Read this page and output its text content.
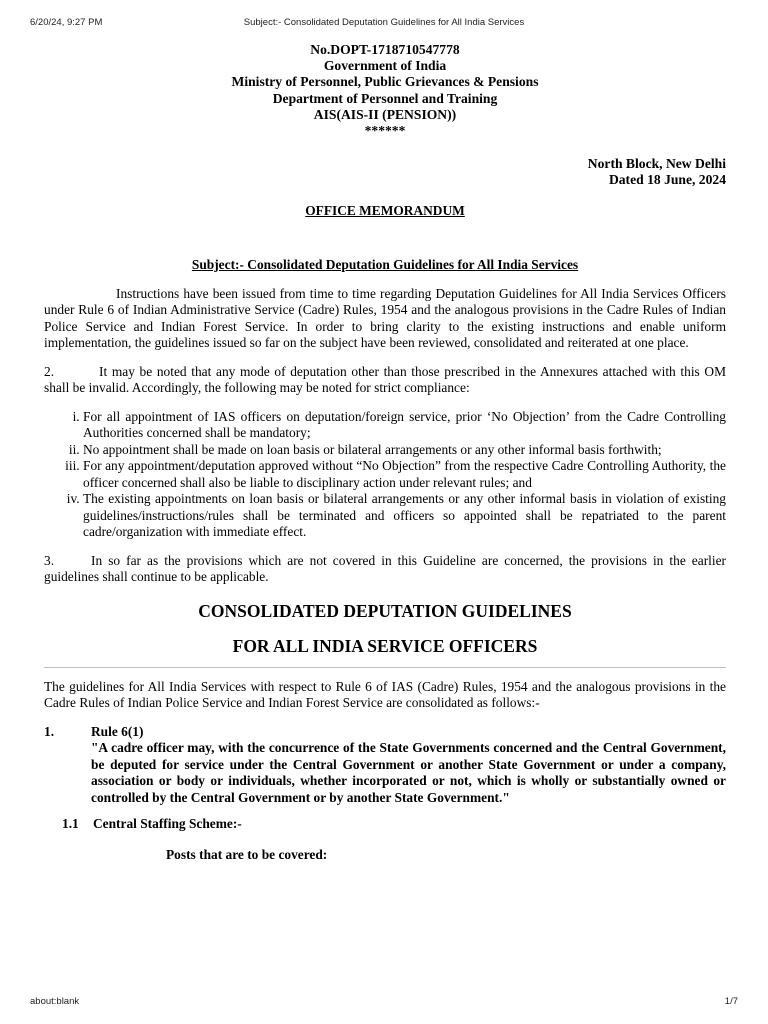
6/20/24, 9:27 PM	Subject:- Consolidated Deputation Guidelines for All India Services
No.DOPT-1718710547778
Government of India
Ministry of Personnel, Public Grievances & Pensions
Department of Personnel and Training
AIS(AIS-II (PENSION))
******
North Block, New Delhi
Dated 18 June, 2024
OFFICE MEMORANDUM
Subject:- Consolidated Deputation Guidelines for All India Services
Instructions have been issued from time to time regarding Deputation Guidelines for All India Services Officers under Rule 6 of Indian Administrative Service (Cadre) Rules, 1954 and the analogous provisions in the Cadre Rules of Indian Police Service and Indian Forest Service. In order to bring clarity to the existing instructions and enable uniform implementation, the guidelines issued so far on the subject have been reviewed, consolidated and reiterated at one place.
2.	It may be noted that any mode of deputation other than those prescribed in the Annexures attached with this OM shall be invalid. Accordingly, the following may be noted for strict compliance:
i. For all appointment of IAS officers on deputation/foreign service, prior ‘No Objection’ from the Cadre Controlling Authorities concerned shall be mandatory;
ii. No appointment shall be made on loan basis or bilateral arrangements or any other informal basis forthwith;
iii. For any appointment/deputation approved without “No Objection” from the respective Cadre Controlling Authority, the officer concerned shall also be liable to disciplinary action under relevant rules; and
iv. The existing appointments on loan basis or bilateral arrangements or any other informal basis in violation of existing guidelines/instructions/rules shall be terminated and officers so appointed shall be repatriated to the parent cadre/organization with immediate effect.
3.	In so far as the provisions which are not covered in this Guideline are concerned, the provisions in the earlier guidelines shall continue to be applicable.
CONSOLIDATED DEPUTATION GUIDELINES
FOR ALL INDIA SERVICE OFFICERS
The guidelines for All India Services with respect to Rule 6 of IAS (Cadre) Rules, 1954 and the analogous provisions in the Cadre Rules of Indian Police Service and Indian Forest Service are consolidated as follows:-
1.	Rule 6(1)
"A cadre officer may, with the concurrence of the State Governments concerned and the Central Government, be deputed for service under the Central Government or another State Government or under a company, association or body or individuals, whether incorporated or not, which is wholly or substantially owned or controlled by the Central Government or by another State Government."
1.1 Central Staffing Scheme:-
Posts that are to be covered:
about:blank	1/7
